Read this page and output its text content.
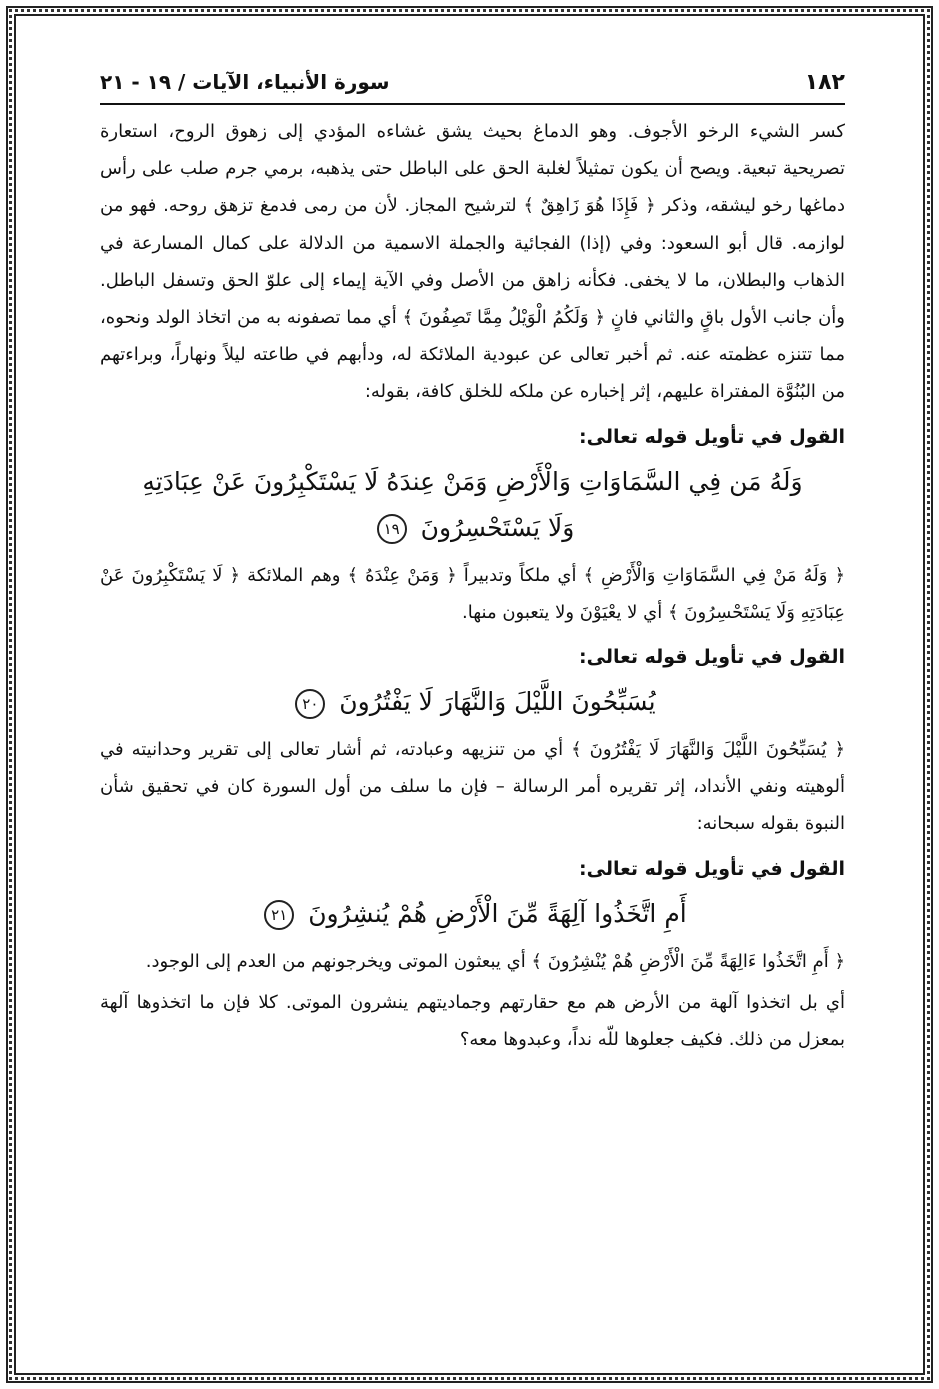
١٨٢
سورة الأنبياء، الآيات / ١٩ - ٢١

كسر الشيء الرخو الأجوف. وهو الدماغ بحيث يشق غشاءه المؤدي إلى زهوق الروح، استعارة تصريحية تبعية. ويصح أن يكون تمثيلاً لغلبة الحق على الباطل حتى يذهبه، برمي جرم صلب على رأس دماغها رخو ليشقه، وذكر ﴿ فَإِذَا هُوَ زَاهِقٌ ﴾ لترشيح المجاز. لأن من رمى فدمغ تزهق روحه. فهو من لوازمه. قال أبو السعود: وفي (إذا) الفجائية والجملة الاسمية من الدلالة على كمال المسارعة في الذهاب والبطلان، ما لا يخفى. فكأنه زاهق من الأصل وفي الآية إيماء إلى علوّ الحق وتسفل الباطل. وأن جانب الأول باقٍ والثاني فانٍ ﴿ وَلَكُمُ الْوَيْلُ مِمَّا تَصِفُونَ ﴾ أي مما تصفونه به من اتخاذ الولد ونحوه، مما تتنزه عظمته عنه. ثم أخبر تعالى عن عبودية الملائكة له، ودأبهم في طاعته ليلاً ونهاراً، وبراءتهم من البُنُوَّة المفتراة عليهم، إثر إخباره عن ملكه للخلق كافة، بقوله:

القول في تأويل قوله تعالى:
وَلَهُ مَن فِي السَّمَاوَاتِ وَالْأَرْضِ وَمَنْ عِندَهُ لَا يَسْتَكْبِرُونَ عَنْ عِبَادَتِهِ
وَلَا يَسْتَحْسِرُونَ ١٩

﴿ وَلَهُ مَنْ فِي السَّمَاوَاتِ وَالْأَرْضِ ﴾ أي ملكاً وتدبيراً ﴿ وَمَنْ عِنْدَهُ ﴾ وهم الملائكة ﴿ لَا يَسْتَكْبِرُونَ عَنْ عِبَادَتِهِ وَلَا يَسْتَحْسِرُونَ ﴾ أي لا يعْيَوْنَ ولا يتعبون منها.

القول في تأويل قوله تعالى:
يُسَبِّحُونَ اللَّيْلَ وَالنَّهَارَ لَا يَفْتُرُونَ ٢٠

﴿ يُسَبِّحُونَ اللَّيْلَ وَالنَّهَارَ لَا يَفْتُرُونَ ﴾ أي من تنزيهه وعبادته، ثم أشار تعالى إلى تقرير وحدانيته في ألوهيته ونفي الأنداد، إثر تقريره أمر الرسالة – فإن ما سلف من أول السورة كان في تحقيق شأن النبوة بقوله سبحانه:

القول في تأويل قوله تعالى:
أَمِ اتَّخَذُوا آلِهَةً مِّنَ الْأَرْضِ هُمْ يُنشِرُونَ ٢١

﴿ أَمِ اتَّخَذُوا ءَالِهَةً مِّنَ الْأَرْضِ هُمْ يُنْشِرُونَ ﴾ أي يبعثون الموتى ويخرجونهم من العدم إلى الوجود.

أي بل اتخذوا آلهة من الأرض هم مع حقارتهم وجماديتهم ينشرون الموتى. كلا فإن ما اتخذوها آلهة بمعزل من ذلك. فكيف جعلوها للّه نداً، وعبدوها معه؟
